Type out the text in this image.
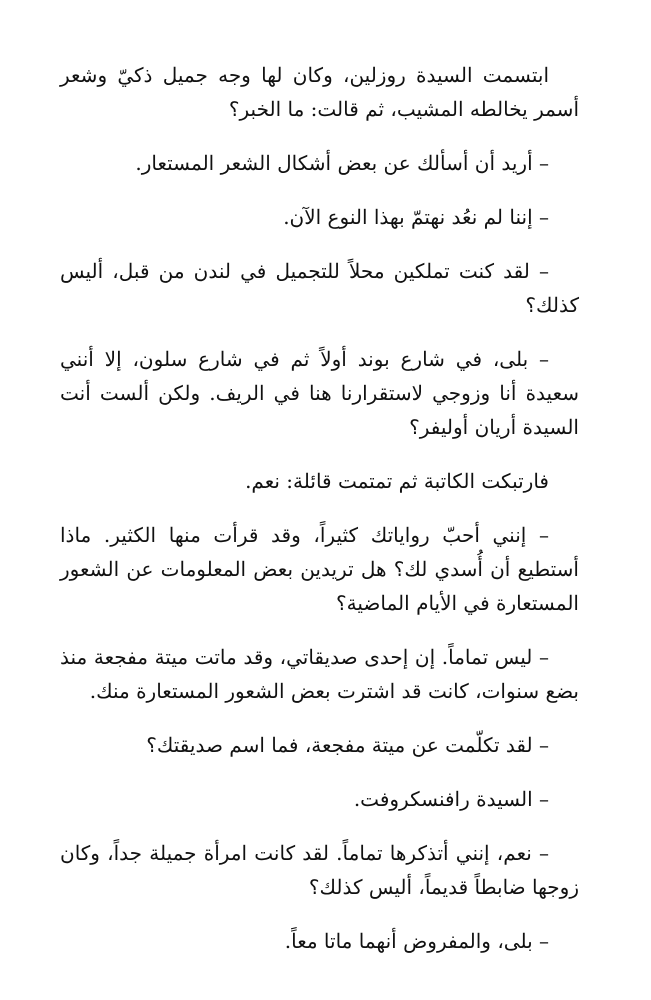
ابتسمت السيدة روزلين، وكان لها وجه جميل ذكيّ وشعر أسمر يخالطه المشيب، ثم قالت: ما الخبر؟

– أريد أن أسألك عن بعض أشكال الشعر المستعار.

– إننا لم نعُد نهتمّ بهذا النوع الآن.

– لقد كنت تملكين محلاً للتجميل في لندن من قبل، أليس كذلك؟

– بلى، في شارع بوند أولاً ثم في شارع سلون، إلا أنني سعيدة أنا وزوجي لاستقرارنا هنا في الريف. ولكن ألست أنت السيدة أريان أوليفر؟

فارتبكت الكاتبة ثم تمتمت قائلة: نعم.

– إنني أحبّ رواياتك كثيراً، وقد قرأت منها الكثير. ماذا أستطيع أن أُسدي لك؟ هل تريدين بعض المعلومات عن الشعور المستعارة في الأيام الماضية؟

– ليس تماماً. إن إحدى صديقاتي، وقد ماتت ميتة مفجعة منذ بضع سنوات، كانت قد اشترت بعض الشعور المستعارة منك.

– لقد تكلّمت عن ميتة مفجعة، فما اسم صديقتك؟

– السيدة رافنسكروفت.

– نعم، إنني أتذكرها تماماً. لقد كانت امرأة جميلة جداً، وكان زوجها ضابطاً قديماً، أليس كذلك؟

– بلى، والمفروض أنهما ماتا معاً.
